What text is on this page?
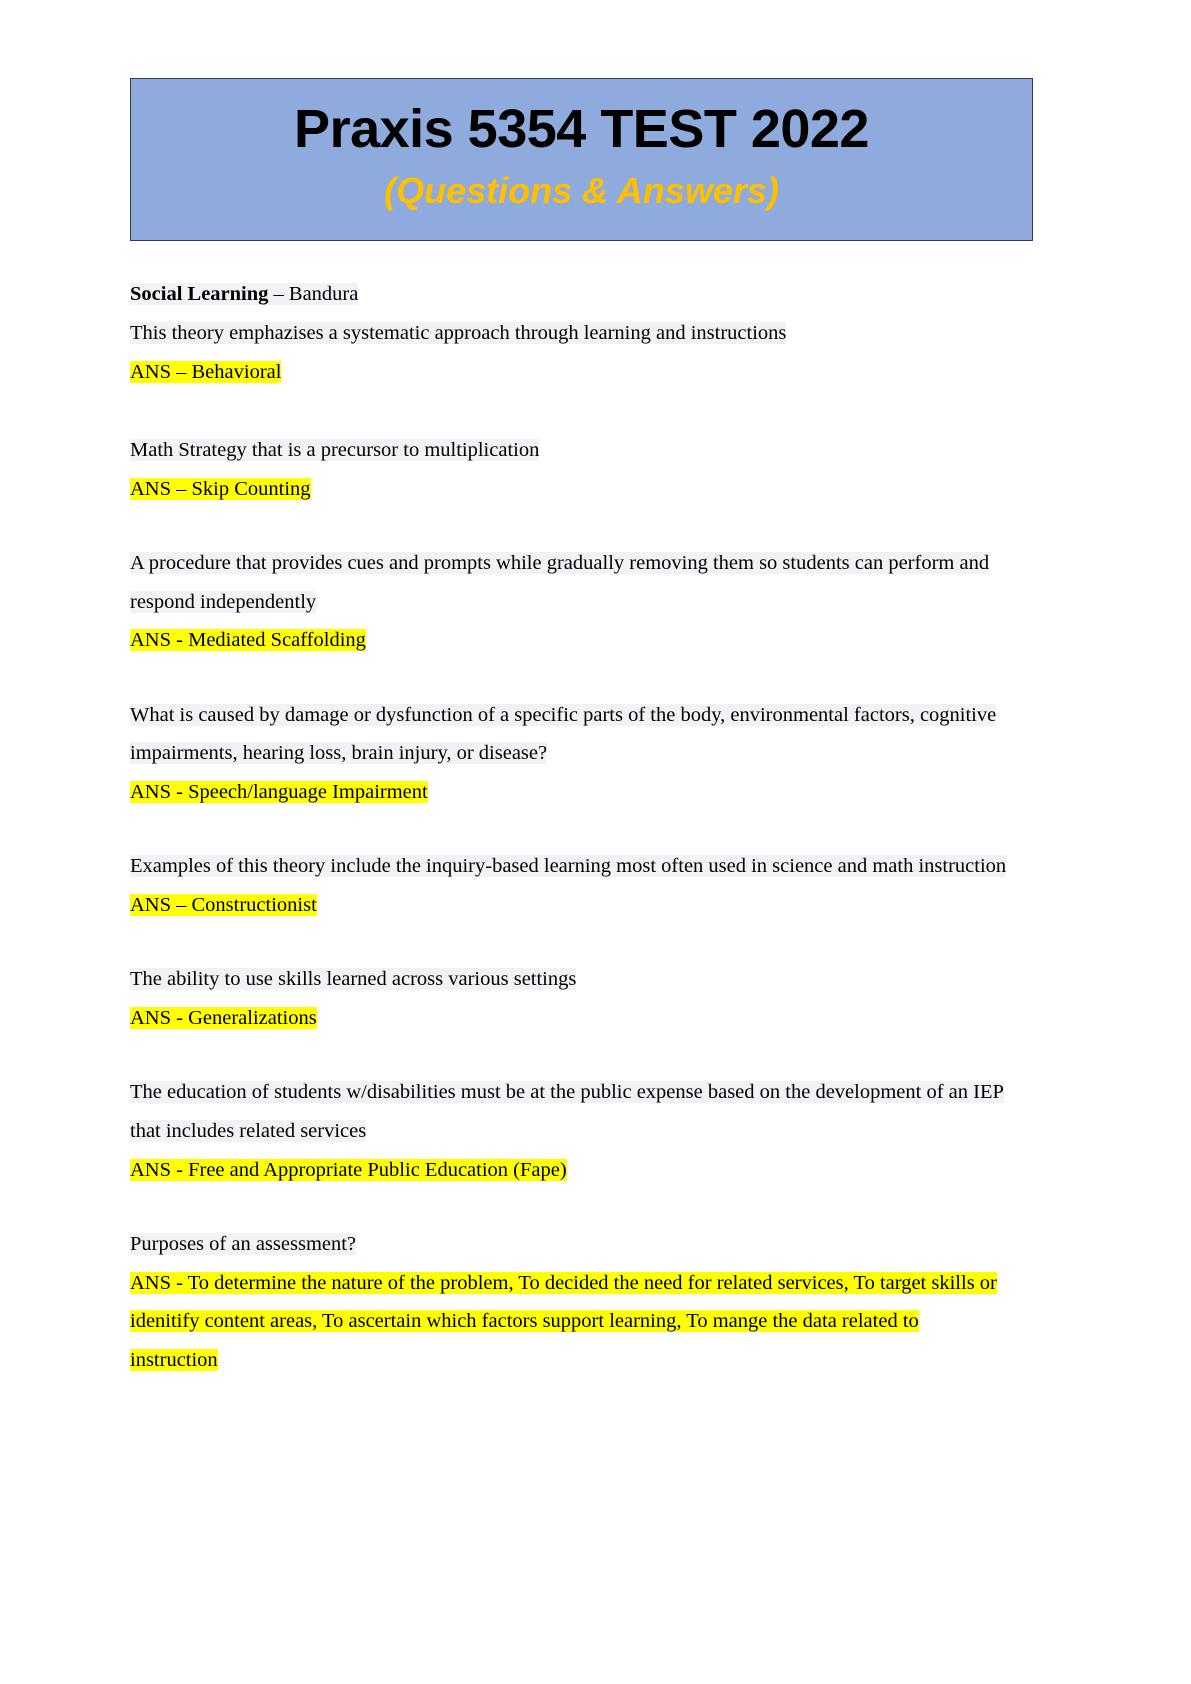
Praxis 5354 TEST 2022
(Questions & Answers)
Social Learning – Bandura
This theory emphazises a systematic approach through learning and instructions
ANS – Behavioral
Math Strategy that is a precursor to multiplication
ANS – Skip Counting
A procedure that provides cues and prompts while gradually removing them so students can perform and respond independently
ANS - Mediated Scaffolding
What is caused by damage or dysfunction of a specific parts of the body, environmental factors, cognitive impairments, hearing loss, brain injury, or disease?
ANS - Speech/language Impairment
Examples of this theory include the inquiry-based learning most often used in science and math instruction
ANS – Constructionist
The ability to use skills learned across various settings
ANS - Generalizations
The education of students w/disabilities must be at the public expense based on the development of an IEP that includes related services
ANS - Free and Appropriate Public Education (Fape)
Purposes of an assessment?
ANS - To determine the nature of the problem, To decided the need for related services, To target skills or idenitify content areas, To ascertain which factors support learning, To mange the data related to instruction
